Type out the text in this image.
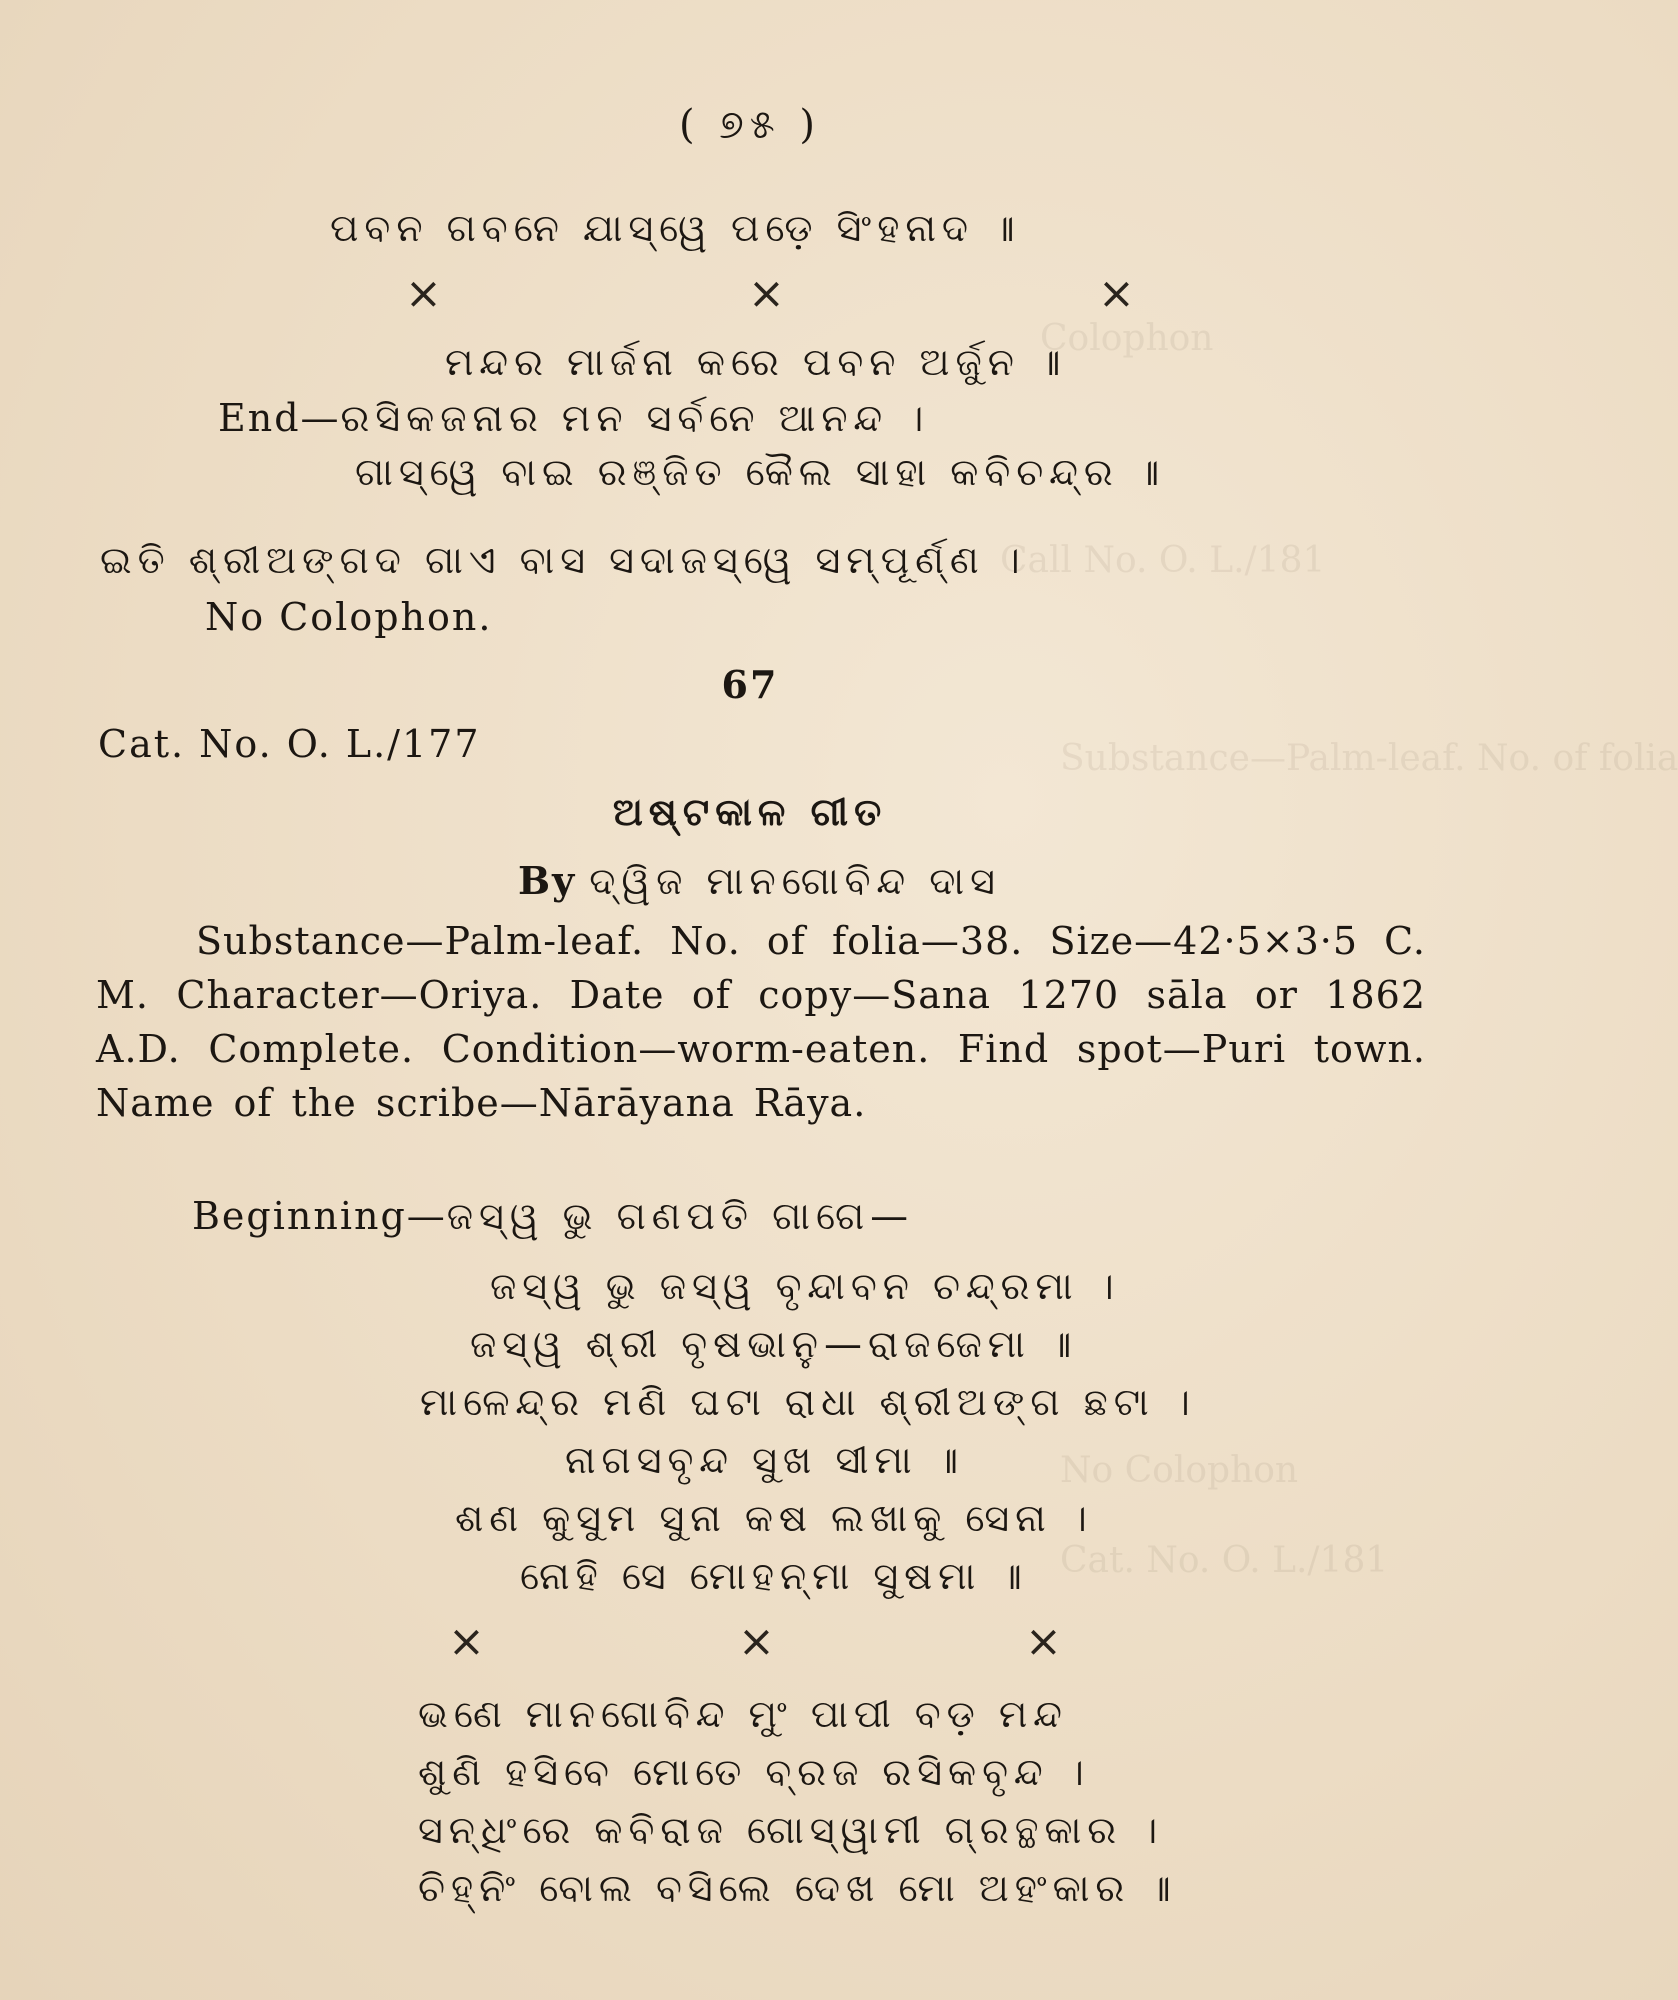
Colophon
Call No. O. L./181
Substance—Palm-leaf. No. of folia
No Colophon
Cat. No. O. L./181
( ୭୫ )
ପବନ ଗବନେ ଯାସ୍ୱେ ପଡ଼େ ସିଂହନାଦ ॥
×	×	×
ମନ୍ଦର ମାର୍ଜନା କରେ ପବନ ଅର୍ଜୁନ ॥
End—ରସିକଜନାର ମନ ସର୍ବନେ ଆନନ୍ଦ ।
ଗାସ୍ୱେ ବାଇ ରଞ୍ଜିତ କୈଲ ସାହା କବିଚନ୍ଦ୍ର ॥
ଇତି ଶ୍ରୀଅଙ୍ଗଦ ଗାଏ ବାସ ସଦାଜସ୍ୱେ ସମ୍ପୂର୍ଣ୍ଣ ।
No Colophon.
67
Cat. No. O. L./177
ଅଷ୍ଟକାଳ ଗୀତ
By ଦ୍ୱିଜ ମାନଗୋବିନ୍ଦ ଦାସ
Substance—Palm-leaf. No. of folia—38. Size—42·5×3·5 C. M. Character—Oriya. Date of copy—Sana 1270 sāla or 1862 A.D. Complete. Condition—worm-eaten. Find spot—Puri town. Name of the scribe—Nārāyana Rāya.
Beginning—ଜସ୍ୱ ଭୁ ଗଣପତି ଗାଗେ—
ଜସ୍ୱ ଭୁ ଜସ୍ୱ ବୃନ୍ଦାବନ ଚନ୍ଦ୍ରମା ।
ଜସ୍ୱ ଶ୍ରୀ ବୃଷଭାନୁ—ରାଜଜେମା ॥
ମାଳେନ୍ଦ୍ର ମଣି ଘଟା ରାଧା ଶ୍ରୀଅଙ୍ଗ ଛଟା ।
ନାଗସବୃନ୍ଦ ସୁଖ ସୀମା ॥
ଶଣ କୁସୁମ ସୁନା କଷ ଲଖାକୁ ସେନା ।
ନୋହି ସେ ମୋହନ୍ମା ସୁଷମା ॥
×	×	×
ଭଣେ ମାନଗୋବିନ୍ଦ ମୁଂ ପାପୀ ବଡ଼ ମନ୍ଦ
ଶୁଣି ହସିବେ ମୋତେ ବ୍ରଜ ରସିକବୃନ୍ଦ ।
ସନ୍ଧିଂରେ କବିରାଜ ଗୋସ୍ୱାମୀ ଗ୍ରନ୍ଥକାର ।
ଚିହ୍ନିଂ ବୋଲ ବସିଲେ ଦେଖ ମୋ ଅହଂକାର ॥
